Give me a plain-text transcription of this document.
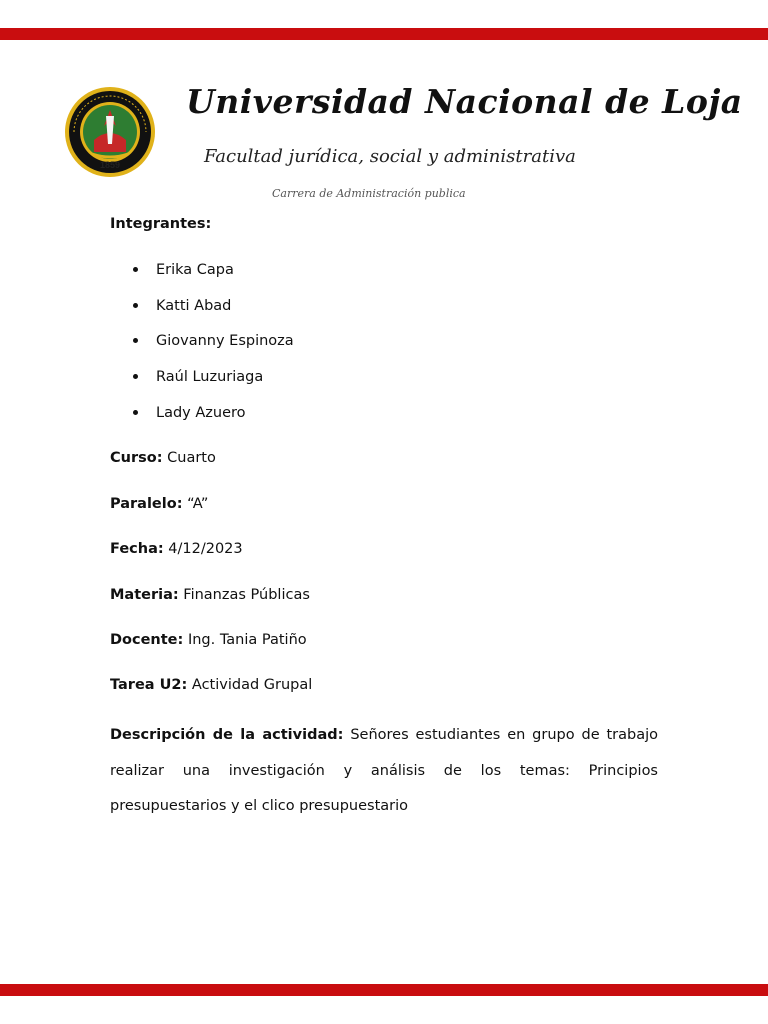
1859
Universidad Nacional de Loja
Facultad jurídica, social y administrativa
Carrera de Administración publica
Integrantes:
Erika Capa
Katti Abad
Giovanny Espinoza
Raúl Luzuriaga
Lady Azuero
Curso: Cuarto
Paralelo: “A”
Fecha: 4/12/2023
Materia: Finanzas Públicas
Docente: Ing. Tania Patiño
Tarea U2: Actividad Grupal
Descripción de la actividad: Señores estudiantes en grupo de trabajo realizar una investigación y análisis de los temas: Principios presupuestarios y el clico presupuestario
